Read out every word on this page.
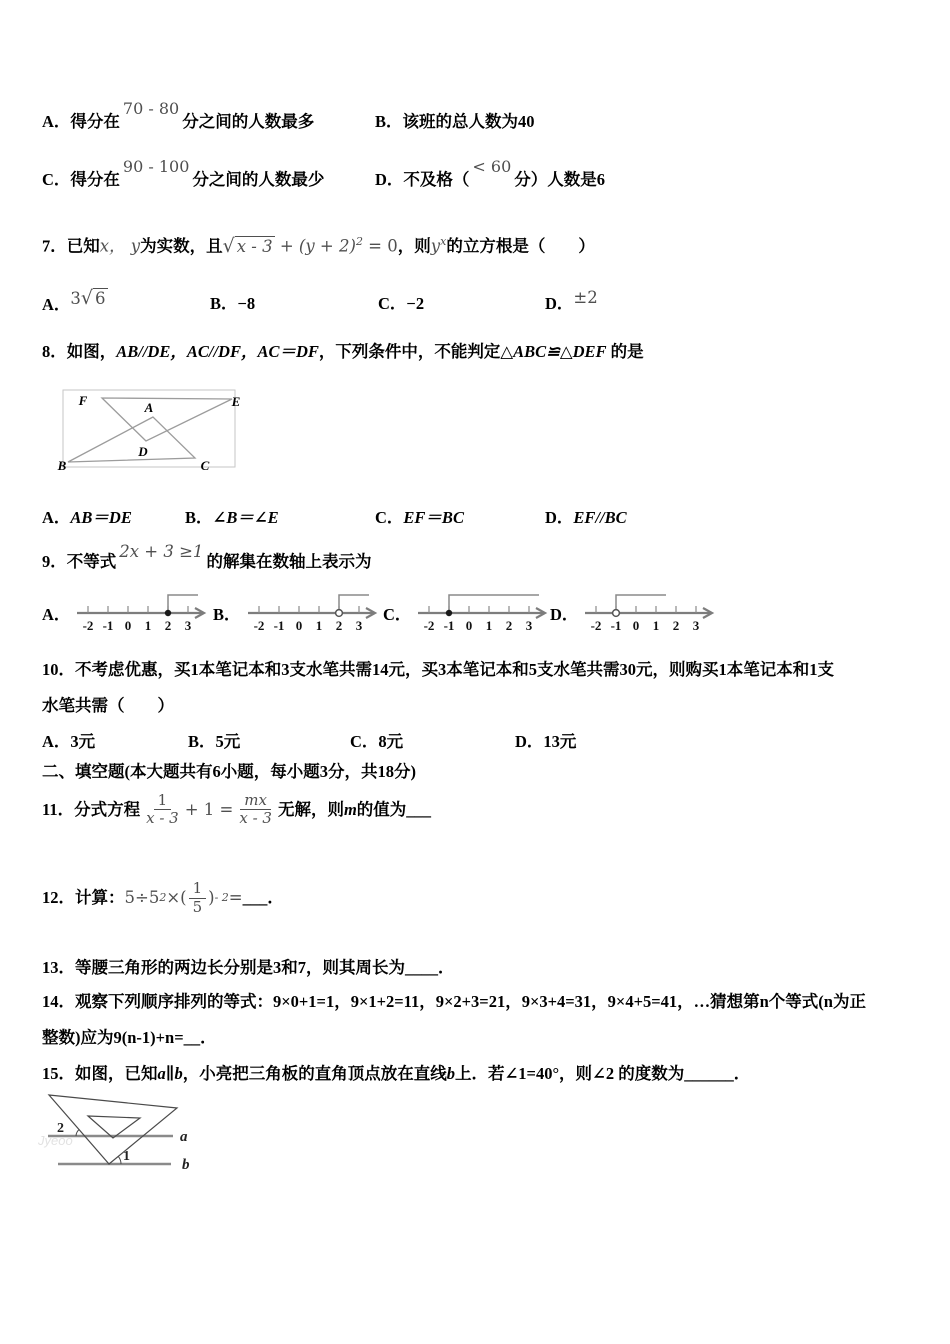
A．得分在70 - 80分之间的人数最多	B．该班的总人数为40
C．得分在90 - 100分之间的人数最少	D．不及格（< 60分）人数是6
7．已知x， y为实数，且√ $x - 3 + (y + 2)^2 = 0$，则$y^x$的立方根是（　　）
A．3√ 6	B．−8	C．−2	D．±2
8．如图，AB//DE，AC//DF，AC＝DF，下列条件中，不能判定△ABC≌△DEF 的是
F	E
A
D
B	C
A．AB＝DE	B．∠B＝∠E	C．EF＝BC	D．EF//BC
9．不等式2x + 3 ≥1的解集在数轴上表示为
A．
-2 -1 0 1 2 3
B．
-2 -1 0 1 2 3
C．
-2 -1 0 1 2 3
D．
-2 -1 0 1 2 3
10．不考虑优惠，买1本笔记本和3支水笔共需14元，买3本笔记本和5支水笔共需30元，则购买1本笔记本和1支
水笔共需（　　）
A．3元	B．5元	C．8元	D．13元
二、填空题(本大题共有6小题，每小题3分，共18分)
11． 分式方程 $\frac{1}{x - 3} + 1 = \frac{mx}{x - 3}$ 无解，则 m 的值为 ___
12． 计算： 5÷5 2 ×( $\frac{1}{5}$ ) - 2 = ___．
13．等腰三角形的两边长分别是3和7，则其周长为____．
14．观察下列顺序排列的等式：9×0+1=1，9×1+2=11，9×2+3=21，9×3+4=31，9×4+5=41，…猜想第n个等式(n为正
整数)应为9(n-1)+n=__．
15．如图，已知a∥b，小亮把三角板的直角顶点放在直线b上．若∠1=40°，则∠2 的度数为______．
Jyeoo
2
1
a
b
